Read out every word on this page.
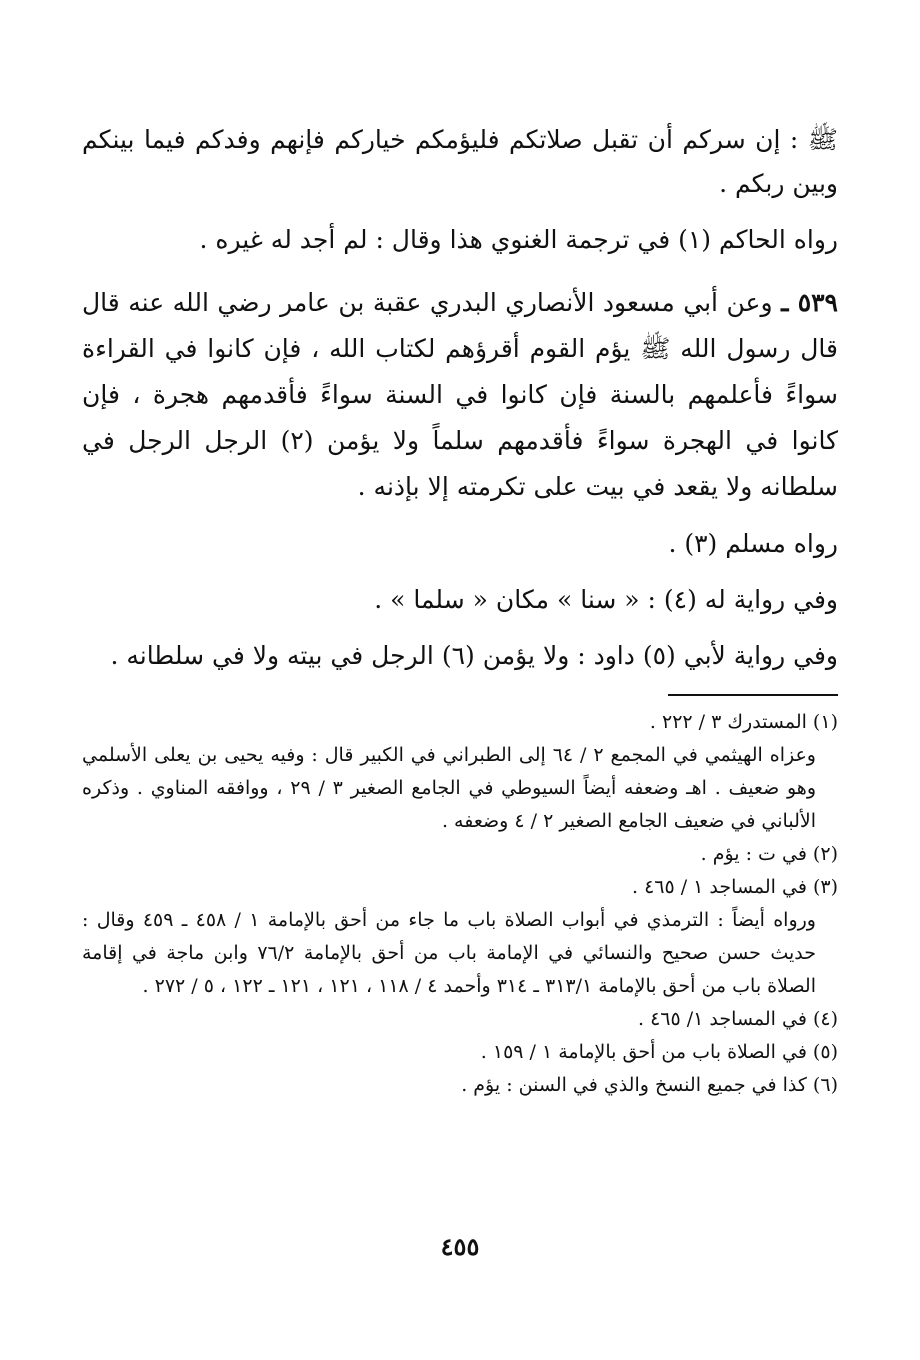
ﷺ : إن سركم أن تقبل صلاتكم فليؤمكم خياركم فإنهم وفدكم فيما بينكم وبين ربكم .

رواه الحاكم (١) في ترجمة الغنوي هذا وقال : لم أجد له غيره .

٥٣٩ ـ وعن أبي مسعود الأنصاري البدري عقبة بن عامر رضي الله عنه قال قال رسول الله ﷺ يؤم القوم أقرؤهم لكتاب الله ، فإن كانوا في القراءة سواءً فأعلمهم بالسنة فإن كانوا في السنة سواءً فأقدمهم هجرة ، فإن كانوا في الهجرة سواءً فأقدمهم سلماً ولا يؤمن (٢) الرجل الرجل في سلطانه ولا يقعد في بيت على تكرمته إلا بإذنه .

رواه مسلم (٣) .

وفي رواية له (٤) : « سنا » مكان « سلما » .

وفي رواية لأبي (٥) داود : ولا يؤمن (٦) الرجل في بيته ولا في سلطانه .

(١) المستدرك ٣ / ٢٢٢ .

وعزاه الهيثمي في المجمع ٢ / ٦٤ إلى الطبراني في الكبير قال : وفيه يحيى بن يعلى الأسلمي وهو ضعيف . اهـ وضعفه أيضاً السيوطي في الجامع الصغير ٣ / ٢٩ ، ووافقه المناوي . وذكره الألباني في ضعيف الجامع الصغير ٢ / ٤ وضعفه .

(٢) في ت : يؤم .

(٣) في المساجد ١ / ٤٦٥ .

ورواه أيضاً : الترمذي في أبواب الصلاة باب ما جاء من أحق بالإمامة ١ / ٤٥٨ ـ ٤٥٩ وقال : حديث حسن صحيح والنسائي في الإمامة باب من أحق بالإمامة ٧٦/٢ وابن ماجة في إقامة الصلاة باب من أحق بالإمامة ٣١٣/١ ـ ٣١٤ وأحمد ٤ / ١١٨ ، ١٢١ ، ١٢١ ـ ١٢٢ ، ٥ / ٢٧٢ .

(٤) في المساجد ١/ ٤٦٥ .

(٥) في الصلاة باب من أحق بالإمامة ١ / ١٥٩ .

(٦) كذا في جميع النسخ والذي في السنن : يؤم .

٤٥٥
